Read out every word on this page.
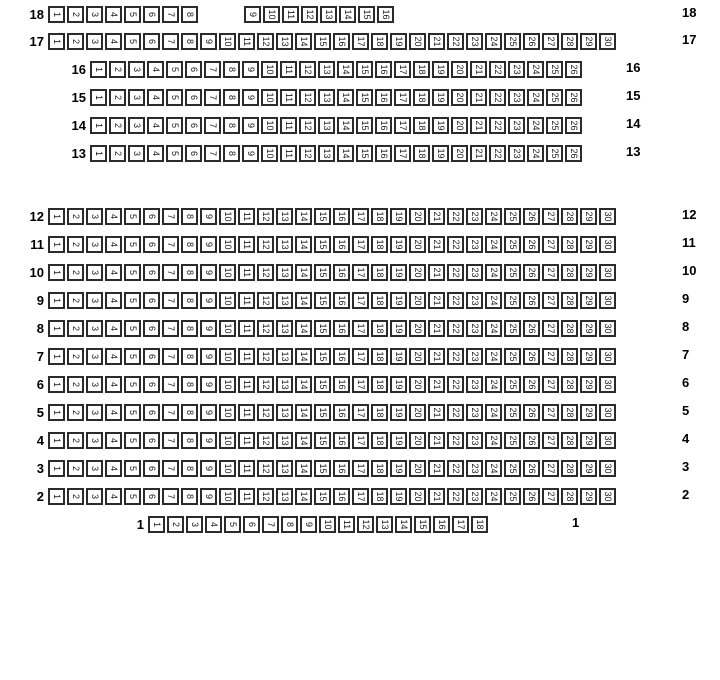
18 1	2	3	4	5	6	7	8	9	10	11	12	13	14	15	16	18
17 1	2	3	4	5	6	7	8	9	10	11	12	13	14	15	16	17	18	19	20	21	22	23	24	25	26	27	28	29	30	17
16 1	2	3	4	5	6	7	8	9	10	11	12	13	14	15	16	17	18	19	20	21	22	23	24	25	26	16
15 1	2	3	4	5	6	7	8	9	10	11	12	13	14	15	16	17	18	19	20	21	22	23	24	25	26	15
14 1	2	3	4	5	6	7	8	9	10	11	12	13	14	15	16	17	18	19	20	21	22	23	24	25	26	14
13 1	2	3	4	5	6	7	8	9	10	11	12	13	14	15	16	17	18	19	20	21	22	23	24	25	26	13
12 1	2	3	4	5	6	7	8	9	10	11	12	13	14	15	16	17	18	19	20	21	22	23	24	25	26	27	28	29	30	12
11 1	2	3	4	5	6	7	8	9	10	11	12	13	14	15	16	17	18	19	20	21	22	23	24	25	26	27	28	29	30	11
10 1	2	3	4	5	6	7	8	9	10	11	12	13	14	15	16	17	18	19	20	21	22	23	24	25	26	27	28	29	30	10
9 1	2	3	4	5	6	7	8	9	10	11	12	13	14	15	16	17	18	19	20	21	22	23	24	25	26	27	28	29	30	9
8 1	2	3	4	5	6	7	8	9	10	11	12	13	14	15	16	17	18	19	20	21	22	23	24	25	26	27	28	29	30	8
7 1	2	3	4	5	6	7	8	9	10	11	12	13	14	15	16	17	18	19	20	21	22	23	24	25	26	27	28	29	30	7
6 1	2	3	4	5	6	7	8	9	10	11	12	13	14	15	16	17	18	19	20	21	22	23	24	25	26	27	28	29	30	6
5 1	2	3	4	5	6	7	8	9	10	11	12	13	14	15	16	17	18	19	20	21	22	23	24	25	26	27	28	29	30	5
4 1	2	3	4	5	6	7	8	9	10	11	12	13	14	15	16	17	18	19	20	21	22	23	24	25	26	27	28	29	30	4
3 1	2	3	4	5	6	7	8	9	10	11	12	13	14	15	16	17	18	19	20	21	22	23	24	25	26	27	28	29	30	3
2 1	2	3	4	5	6	7	8	9	10	11	12	13	14	15	16	17	18	19	20	21	22	23	24	25	26	27	28	29	30	2
1 1	2	3	4	5	6	7	8	9	10	11	12	13	14	15	16	17	18	1
